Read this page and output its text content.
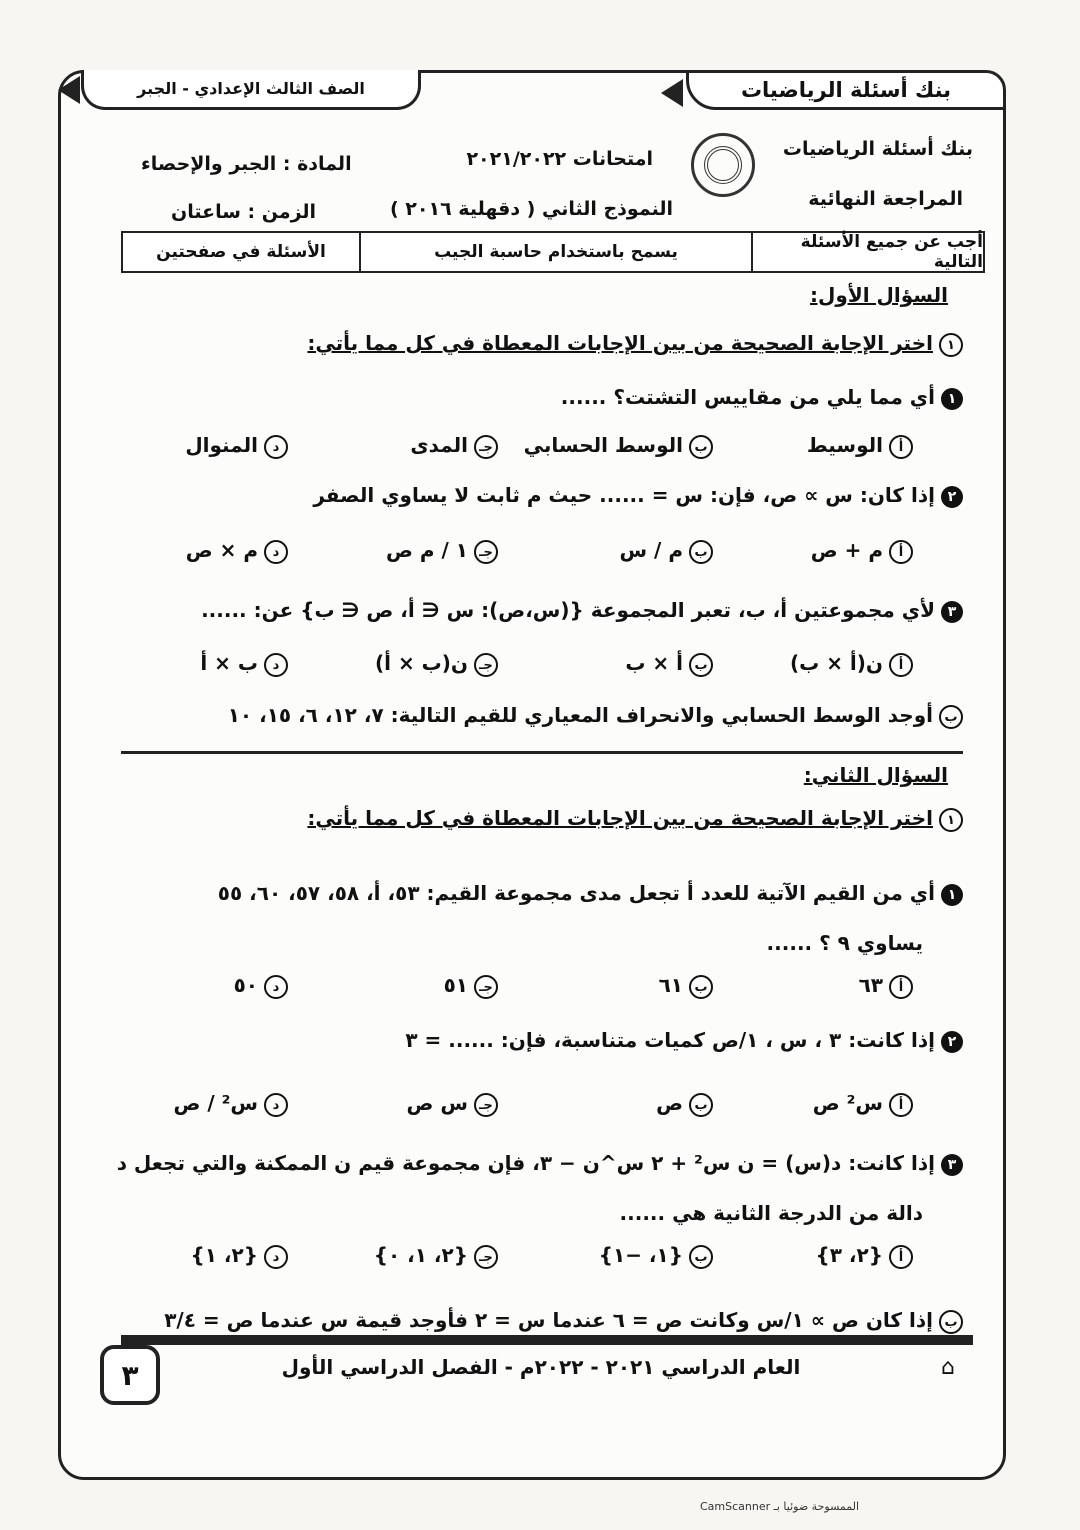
بنك أسئلة الرياضيات
الصف الثالث الإعدادي - الجبر
بنك أسئلة الرياضيات
المراجعة النهائية
امتحانات ٢٠٢١/٢٠٢٢
النموذج الثاني ( دقهلية ٢٠١٦ )
المادة : الجبر والإحصاء
الزمن : ساعتان
أجب عن جميع الأسئلة التالية
يسمح باستخدام حاسبة الجيب
الأسئلة في صفحتين
السؤال الأول:
١اختر الإجابة الصحيحة من بين الإجابات المعطاة في كل مما يأتي:
١أي مما يلي من مقاييس التشتت؟ ......
أالوسيط
بالوسط الحسابي
جـالمدى
دالمنوال
٢إذا كان: س ∝ ص، فإن: س = ...... حيث م ثابت لا يساوي الصفر
أم + ص
بم / س
جـ١ / م ص
دم × ص
٣لأي مجموعتين أ، ب، تعبر المجموعة {(س،ص): س ∈ أ، ص ∈ ب} عن: ......
أن(أ × ب)
بأ × ب
جـن(ب × أ)
دب × أ
بأوجد الوسط الحسابي والانحراف المعياري للقيم التالية: ٧، ١٢، ٦، ١٥، ١٠
السؤال الثاني:
١اختر الإجابة الصحيحة من بين الإجابات المعطاة في كل مما يأتي:
١أي من القيم الآتية للعدد أ تجعل مدى مجموعة القيم: ٥٣، أ، ٥٨، ٥٧، ٦٠، ٥٥
يساوي ٩ ؟ ......
أ٦٣
ب٦١
جـ٥١
د٥٠
٢إذا كانت: ٣ ، س ، ١/ص كميات متناسبة، فإن: ...... = ٣
أس² ص
بص
جـس ص
دس² / ص
٣إذا كانت: د(س) = ن س² + ٢ س^ن − ٣، فإن مجموعة قيم ن الممكنة والتي تجعل د
دالة من الدرجة الثانية هي ......
أ{٢، ٣}
ب{١، −١}
جـ{٢، ١، ٠}
د{٢، ١}
بإذا كان ص ∝ ١/س وكانت ص = ٦ عندما س = ٢ فأوجد قيمة س عندما ص = ٣/٤
العام الدراسي ٢٠٢١ - ٢٠٢٢م - الفصل الدراسي الأول	⌂
٣
الممسوحة ضوئيا بـ CamScanner
